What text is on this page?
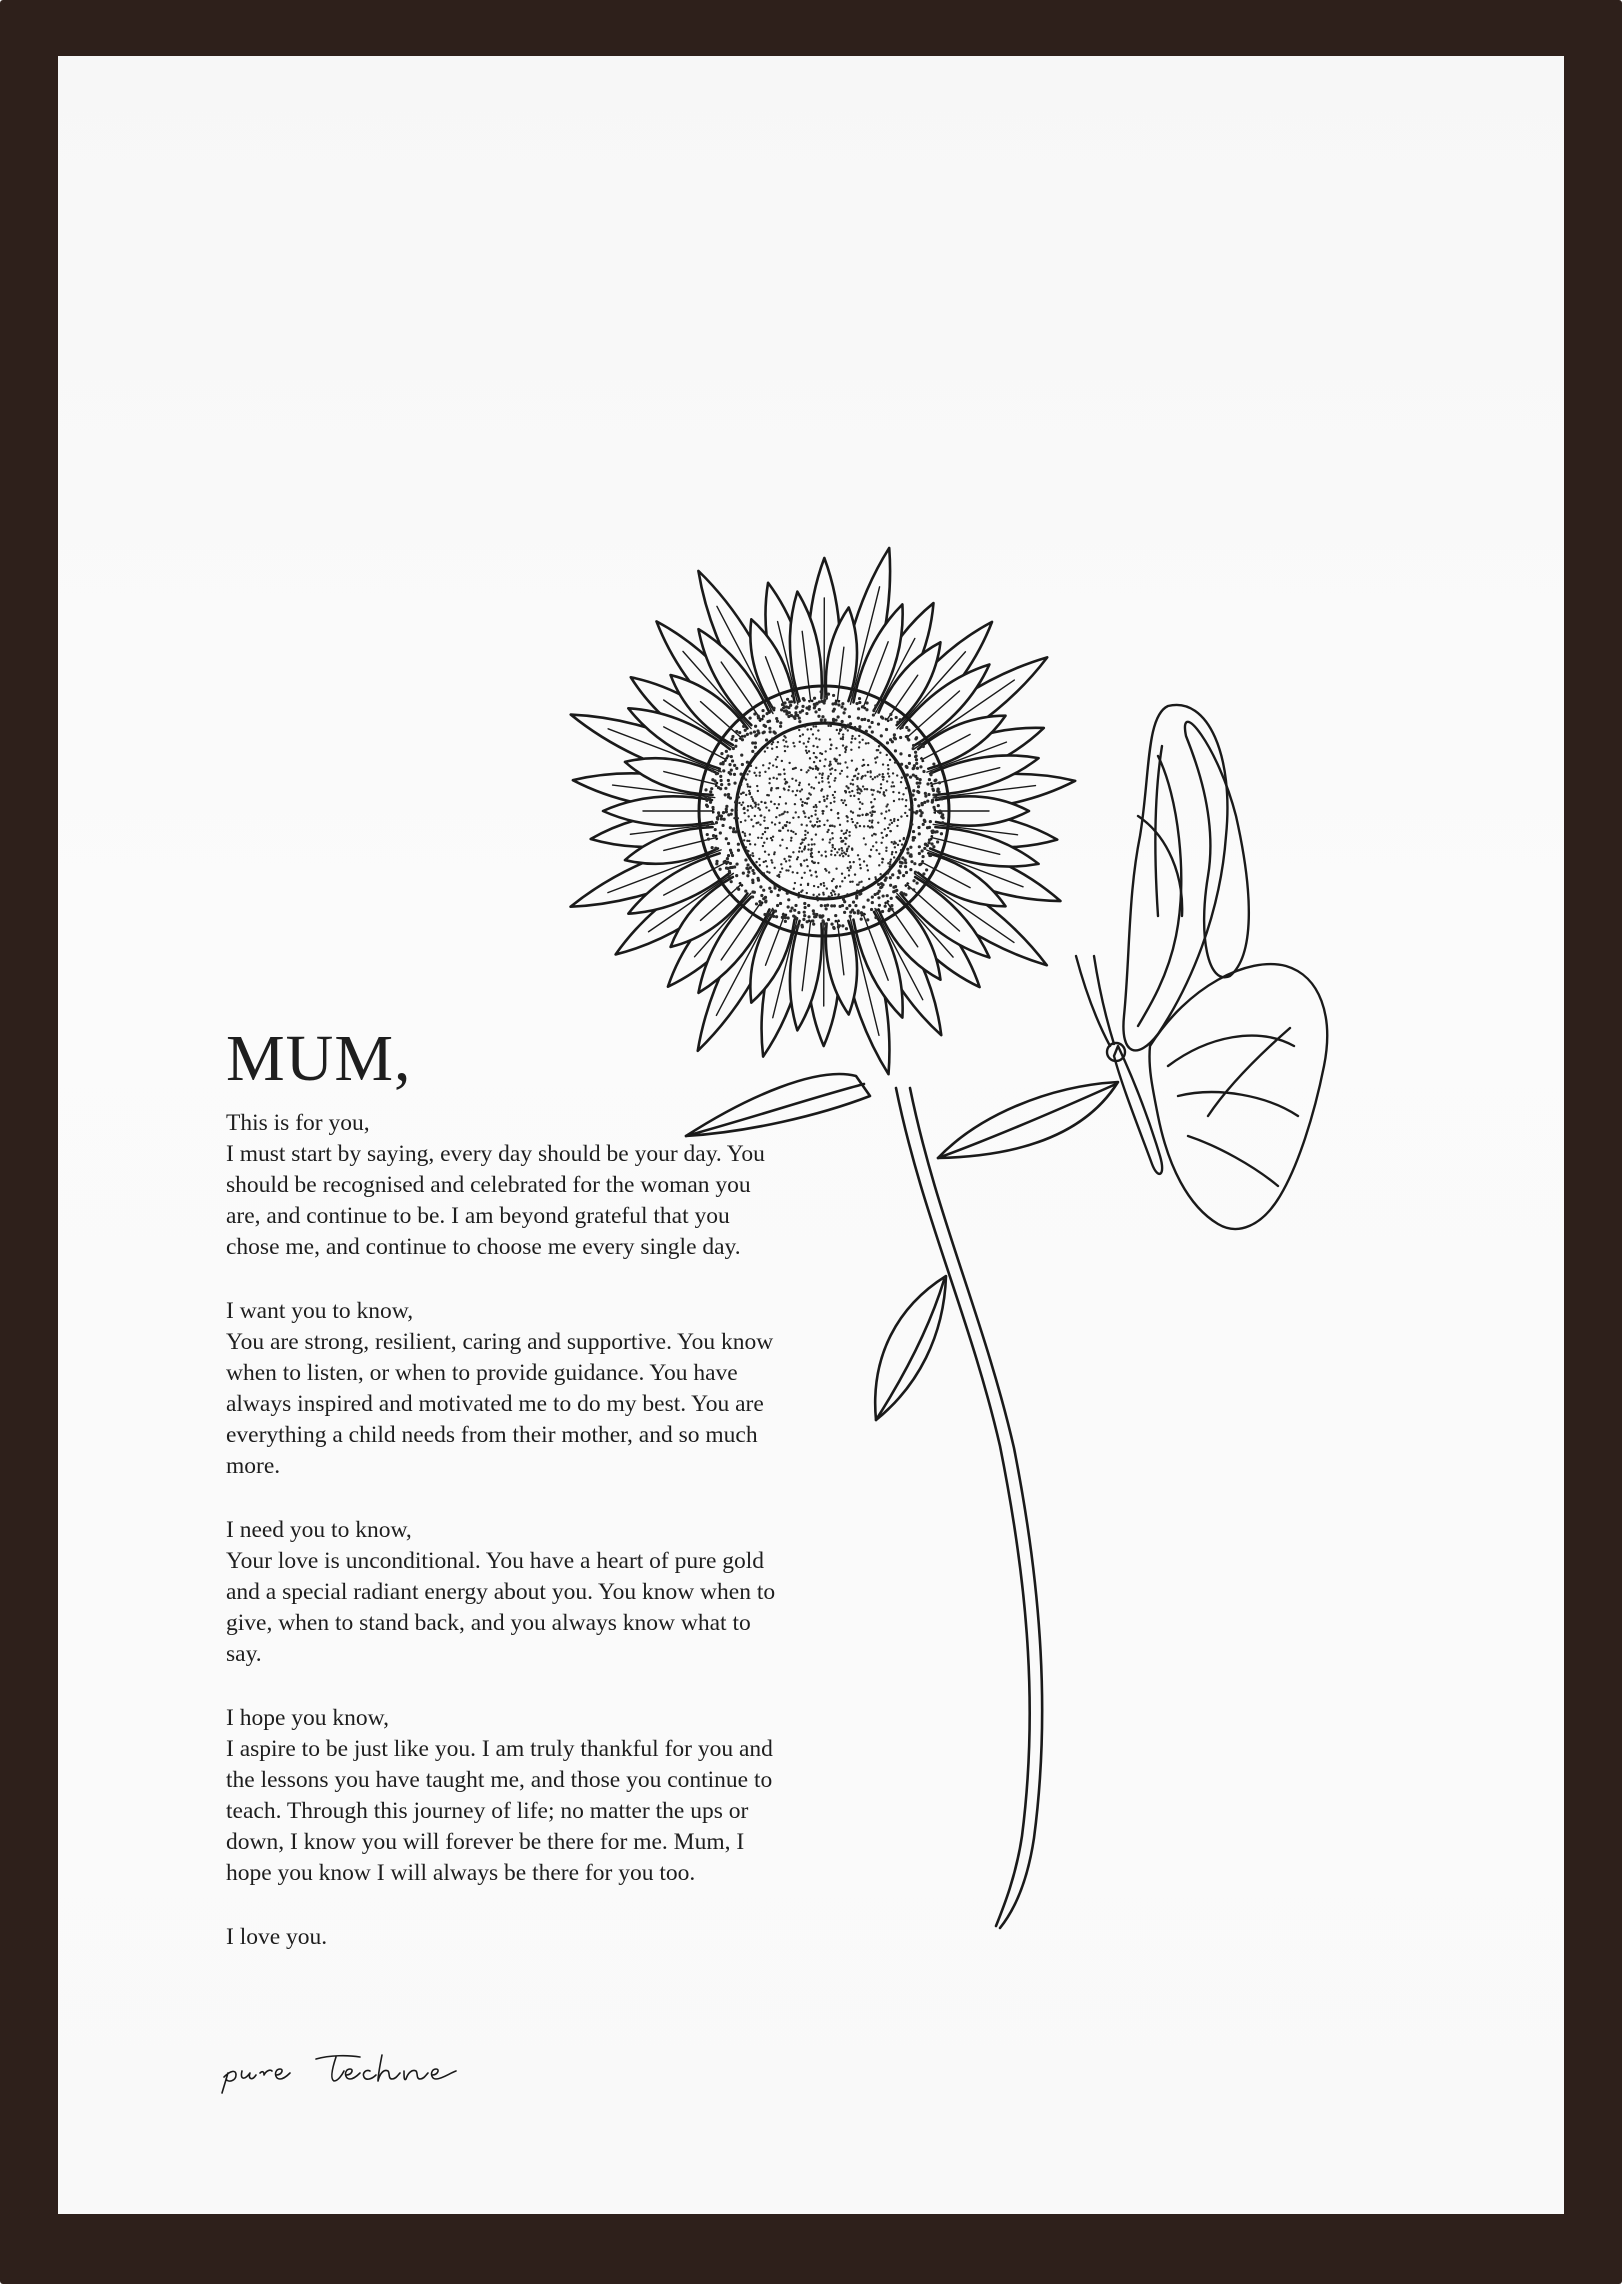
MUM,

This is for you,
I must start by saying, every day should be your day. You
should be recognised and celebrated for the woman you
are, and continue to be. I am beyond grateful that you
chose me, and continue to choose me every single day.

I want you to know,
You are strong, resilient, caring and supportive. You know
when to listen, or when to provide guidance. You have
always inspired and motivated me to do my best. You are
everything a child needs from their mother, and so much
more.

I need you to know,
Your love is unconditional. You have a heart of pure gold
and a special radiant energy about you. You know when to
give, when to stand back, and you always know what to
say.

I hope you know,
I aspire to be just like you. I am truly thankful for you and
the lessons you have taught me, and those you continue to
teach. Through this journey of life; no matter the ups or
down, I know you will forever be there for me. Mum, I
hope you know I will always be there for you too.

I love you.
